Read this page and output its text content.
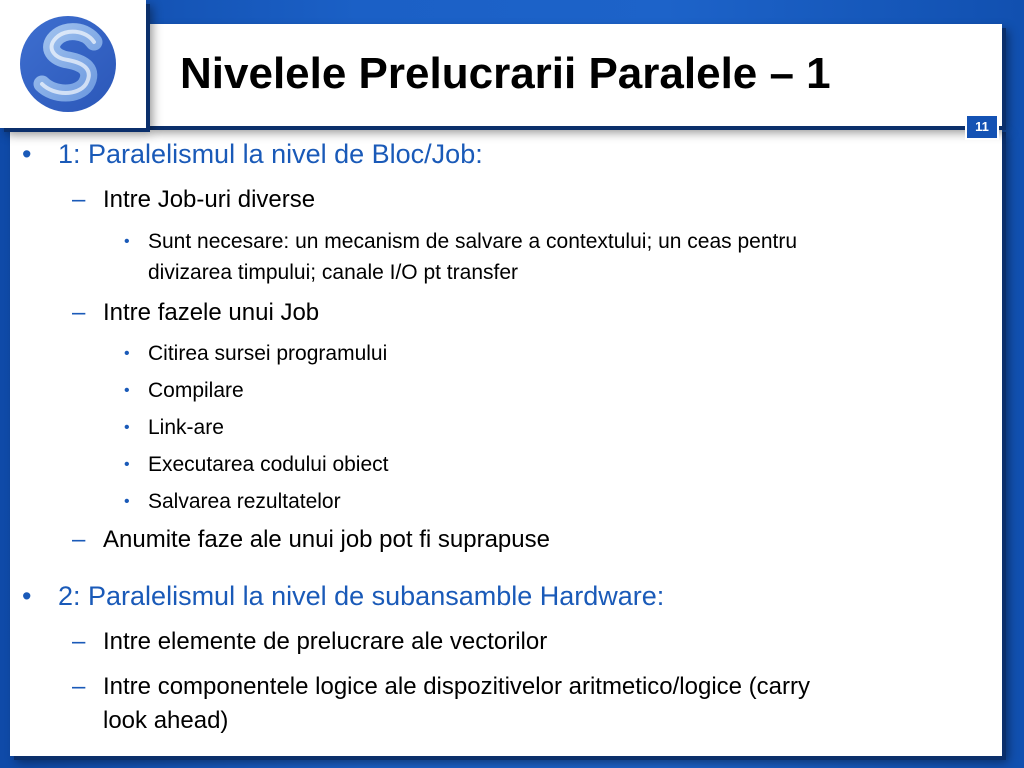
Nivelele Prelucrarii Paralele – 1
11
• 1: Paralelismul la nivel de Bloc/Job:
– Intre Job-uri diverse
• Sunt necesare: un mecanism de salvare a contextului; un ceas pentru
divizarea timpului; canale I/O pt transfer
– Intre fazele unui Job
• Citirea sursei programului
• Compilare
• Link-are
• Executarea codului obiect
• Salvarea rezultatelor
– Anumite faze ale unui job pot fi suprapuse
• 2: Paralelismul la nivel de subansamble Hardware:
– Intre elemente de prelucrare ale vectorilor
– Intre componentele logice ale dispozitivelor aritmetico/logice (carry
look ahead)
